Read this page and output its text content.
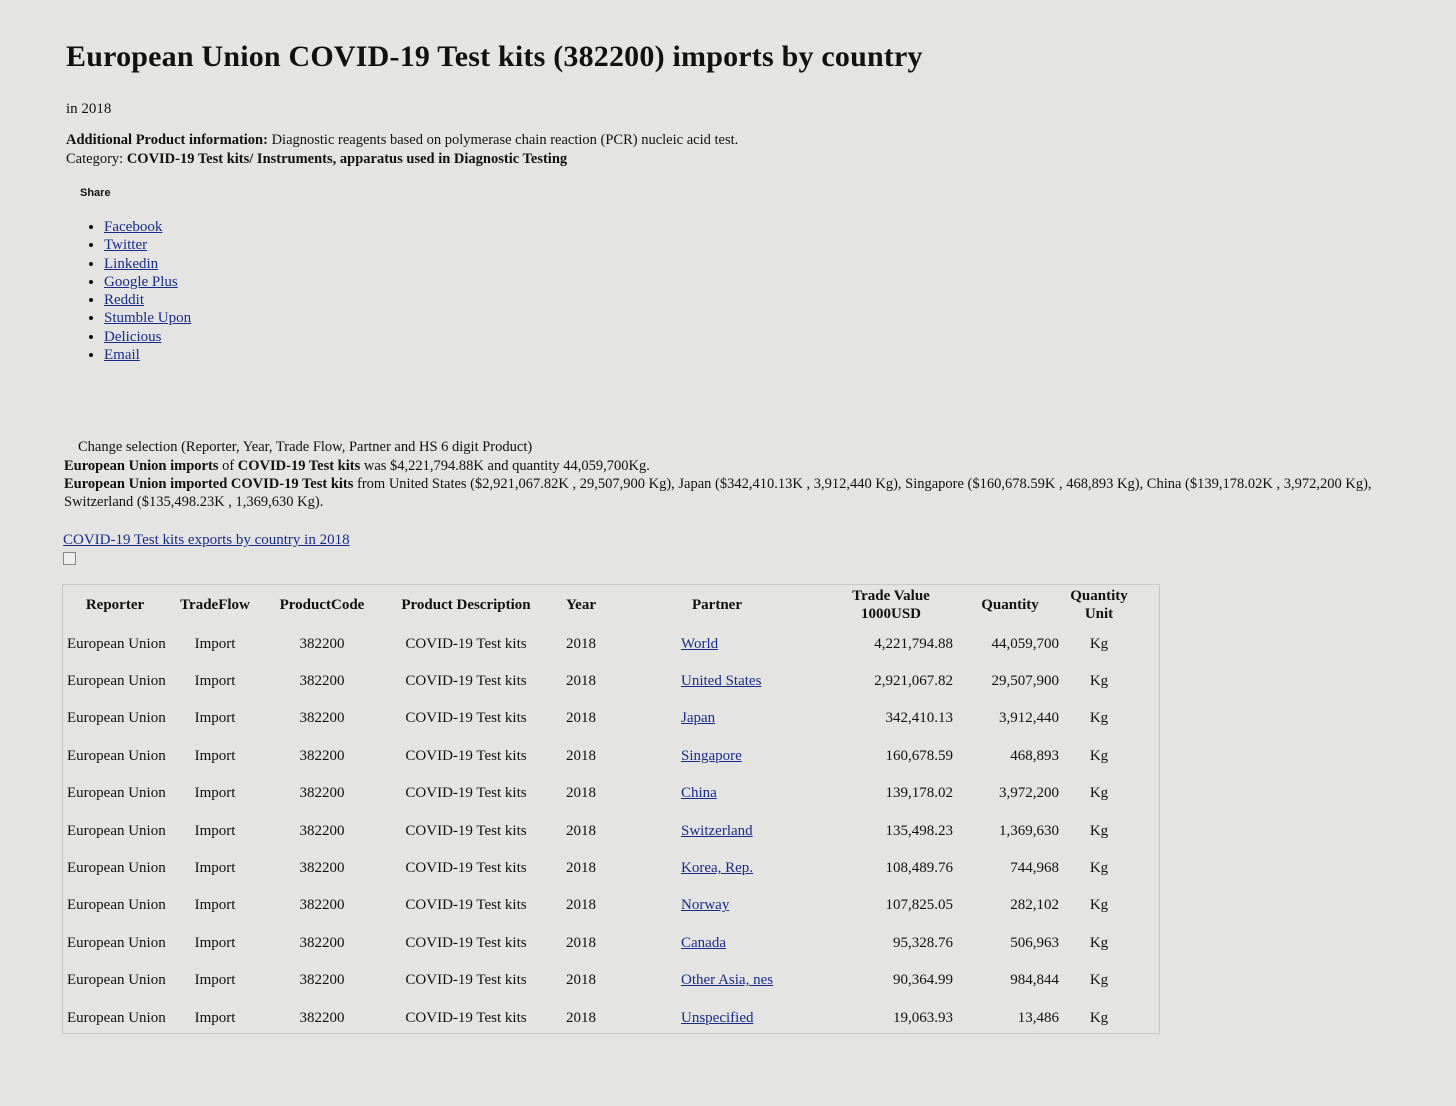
European Union COVID-19 Test kits (382200) imports by country
in 2018
Additional Product information: Diagnostic reagents based on polymerase chain reaction (PCR) nucleic acid test.
Category: COVID-19 Test kits/ Instruments, apparatus used in Diagnostic Testing
Share
• Facebook
• Twitter
• Linkedin
• Google Plus
• Reddit
• Stumble Upon
• Delicious
• Email
Change selection (Reporter, Year, Trade Flow, Partner and HS 6 digit Product)
European Union imports of COVID-19 Test kits was $4,221,794.88K and quantity 44,059,700Kg.
European Union imported COVID-19 Test kits from United States ($2,921,067.82K , 29,507,900 Kg), Japan ($342,410.13K , 3,912,440 Kg), Singapore ($160,678.59K , 468,893 Kg), China ($139,178.02K , 3,972,200 Kg), Switzerland ($135,498.23K , 1,369,630 Kg).
COVID-19 Test kits exports by country in 2018
Reporter	TradeFlow	ProductCode	Product Description	Year	Partner	Trade Value 1000USD	Quantity	Quantity Unit
European Union	Import	382200	COVID-19 Test kits	2018	World	4,221,794.88	44,059,700	Kg
European Union	Import	382200	COVID-19 Test kits	2018	United States	2,921,067.82	29,507,900	Kg
European Union	Import	382200	COVID-19 Test kits	2018	Japan	342,410.13	3,912,440	Kg
European Union	Import	382200	COVID-19 Test kits	2018	Singapore	160,678.59	468,893	Kg
European Union	Import	382200	COVID-19 Test kits	2018	China	139,178.02	3,972,200	Kg
European Union	Import	382200	COVID-19 Test kits	2018	Switzerland	135,498.23	1,369,630	Kg
European Union	Import	382200	COVID-19 Test kits	2018	Korea, Rep.	108,489.76	744,968	Kg
European Union	Import	382200	COVID-19 Test kits	2018	Norway	107,825.05	282,102	Kg
European Union	Import	382200	COVID-19 Test kits	2018	Canada	95,328.76	506,963	Kg
European Union	Import	382200	COVID-19 Test kits	2018	Other Asia, nes	90,364.99	984,844	Kg
European Union	Import	382200	COVID-19 Test kits	2018	Unspecified	19,063.93	13,486	Kg
